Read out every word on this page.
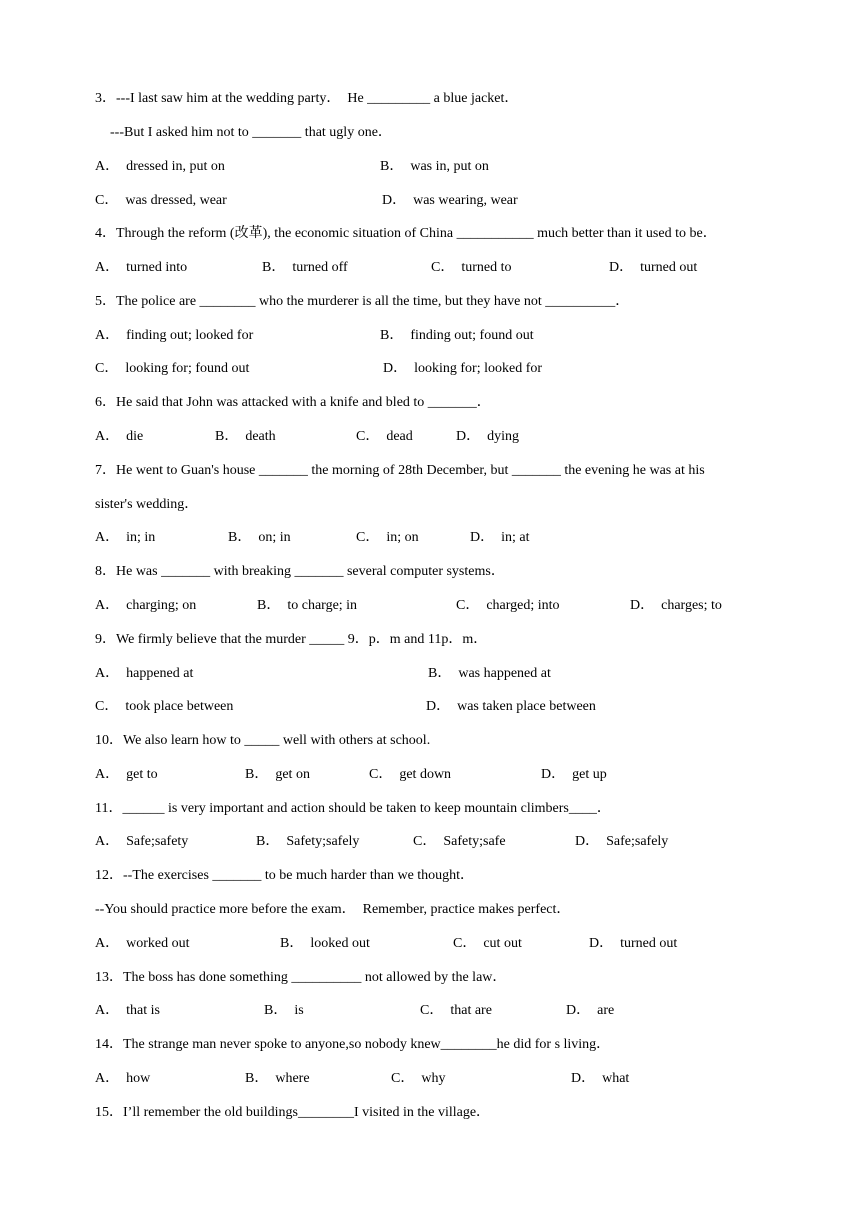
3．---I last saw him at the wedding party．  He _________ a blue jacket．
---But I asked him not to _______ that ugly one．
A．  dressed in, put on	B．  was in, put on
C．  was dressed, wear	D．  was wearing, wear
4．Through the reform (改革), the economic situation of China ___________ much better than it used to be．
A．  turned into	B．  turned off	C．  turned to	D．  turned out
5．The police are ________ who the murderer is all the time, but they have not __________．
A．  finding out; looked for	B．  finding out; found out
C．  looking for; found out	D．  looking for; looked for
6．He said that John was attacked with a knife and bled to _______．
A．  die	B．  death	C．  dead	D．  dying
7．He went to Guan's house _______ the morning of 28th December, but _______ the evening he was at his
sister's wedding．
A．  in; in	B．  on; in	C．  in; on	D．  in; at
8．He was _______ with breaking _______ several computer systems．
A．  charging; on	B．  to charge; in	C．  charged; into	D．  charges; to
9．We firmly believe that the murder _____ 9．p．m and 11p．m．
A．  happened at	B．  was happened at
C．  took place between	D．  was taken place between
10．We also learn how to _____ well with others at school.
A．  get to	B．  get on	C．  get down	D．  get up
11．______ is very important and action should be taken to keep mountain climbers____．
A．  Safe;safety	B．  Safety;safely	C．  Safety;safe	D．  Safe;safely
12．--The exercises _______ to be much harder than we thought．
--You should practice more before the exam．  Remember, practice makes perfect．
A．  worked out	B．  looked out	C．  cut out	D．  turned out
13．The boss has done something __________ not allowed by the law．
A．  that is	B．  is	C．  that are	D．  are
14．The strange man never spoke to anyone,so nobody knew________he did for s living．
A．  how	B．  where	C．  why	D．  what
15．I’ll remember the old buildings________I visited in the village．
